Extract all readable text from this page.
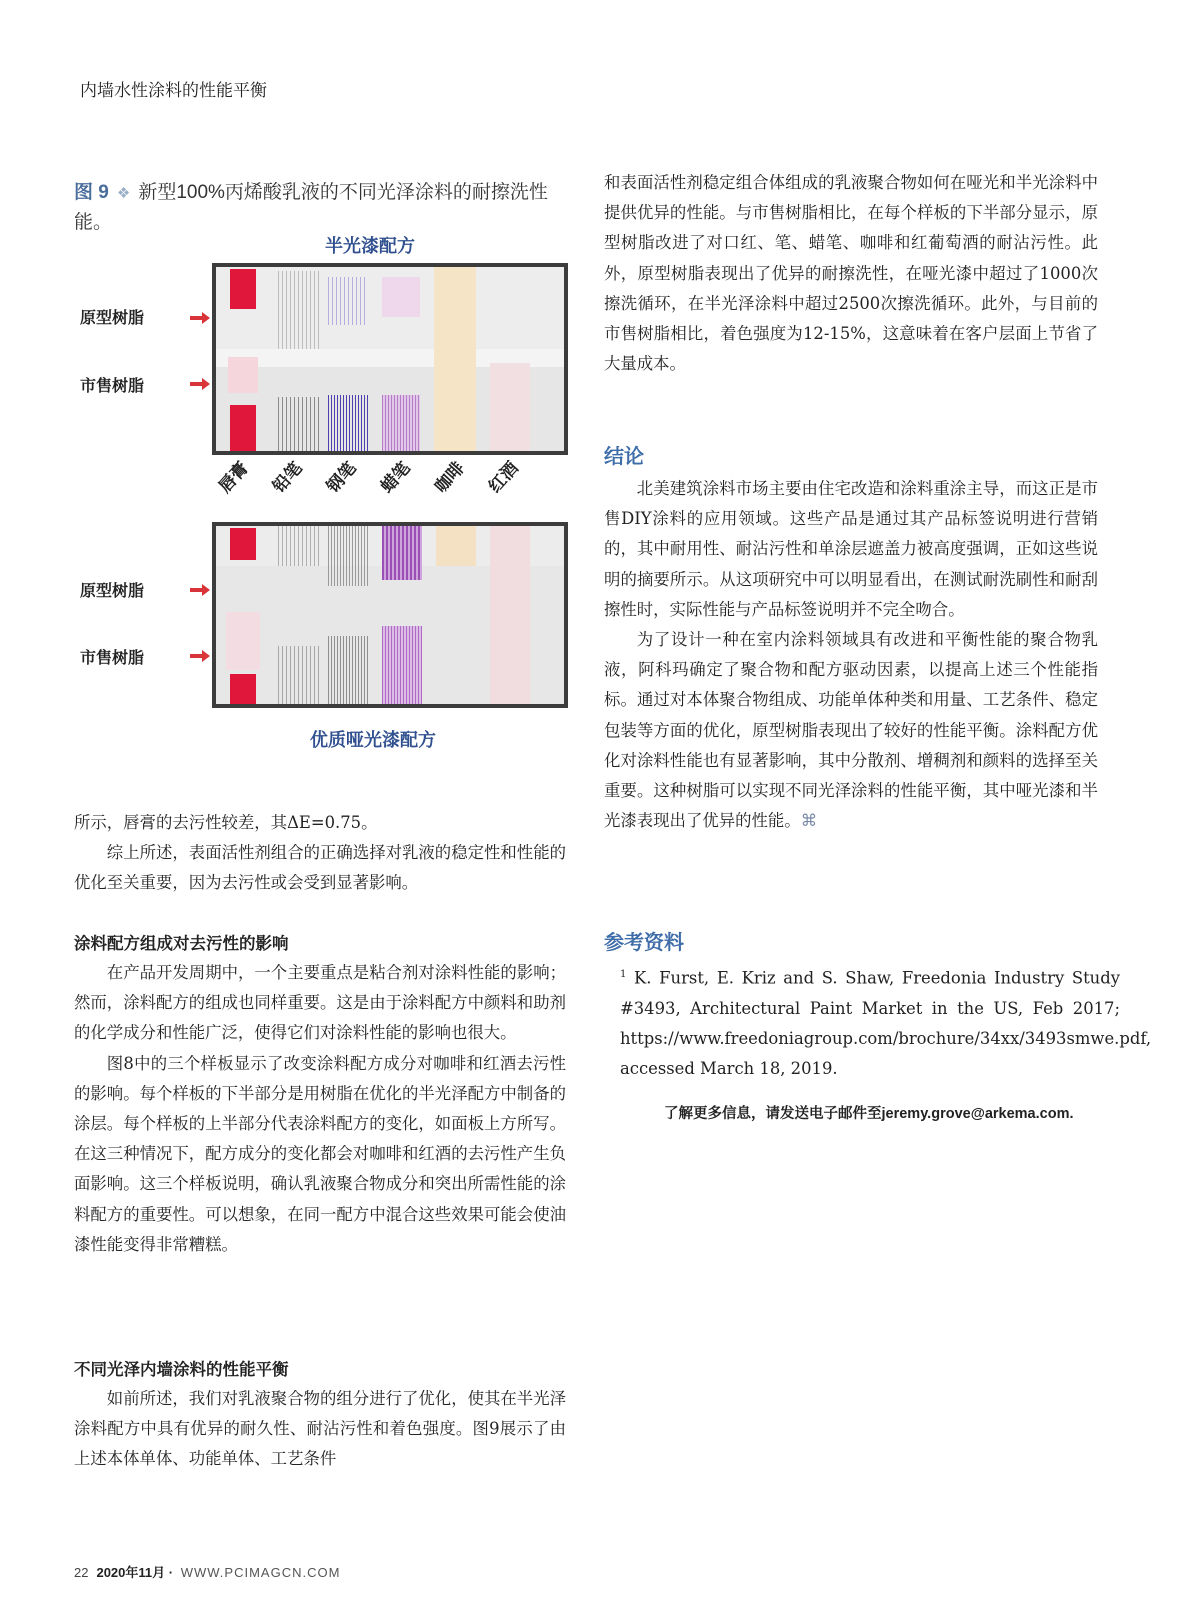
内墙水性涂料的性能平衡
图 9 ❖ 新型100%丙烯酸乳液的不同光泽涂料的耐擦洗性能。
半光漆配方
原型树脂
市售树脂
唇膏 铅笔 钢笔 蜡笔 咖啡 红酒
原型树脂
市售树脂
优质哑光漆配方

所示，唇膏的去污性较差，其ΔE=0.75。

综上所述，表面活性剂组合的正确选择对乳液的稳定性和性能的优化至关重要，因为去污性或会受到显著影响。

涂料配方组成对去污性的影响

在产品开发周期中，一个主要重点是粘合剂对涂料性能的影响；然而，涂料配方的组成也同样重要。这是由于涂料配方中颜料和助剂的化学成分和性能广泛，使得它们对涂料性能的影响也很大。

图8中的三个样板显示了改变涂料配方成分对咖啡和红酒去污性的影响。每个样板的下半部分是用树脂在优化的半光泽配方中制备的涂层。每个样板的上半部分代表涂料配方的变化，如面板上方所写。在这三种情况下，配方成分的变化都会对咖啡和红酒的去污性产生负面影响。这三个样板说明，确认乳液聚合物成分和突出所需性能的涂料配方的重要性。可以想象，在同一配方中混合这些效果可能会使油漆性能变得非常糟糕。

不同光泽内墙涂料的性能平衡

如前所述，我们对乳液聚合物的组分进行了优化，使其在半光泽涂料配方中具有优异的耐久性、耐沾污性和着色强度。图9展示了由上述本体单体、功能单体、工艺条件

和表面活性剂稳定组合体组成的乳液聚合物如何在哑光和半光涂料中提供优异的性能。与市售树脂相比，在每个样板的下半部分显示，原型树脂改进了对口红、笔、蜡笔、咖啡和红葡萄酒的耐沾污性。此外，原型树脂表现出了优异的耐擦洗性，在哑光漆中超过了1000次擦洗循环，在半光泽涂料中超过2500次擦洗循环。此外，与目前的市售树脂相比，着色强度为12-15%，这意味着在客户层面上节省了大量成本。

结论

北美建筑涂料市场主要由住宅改造和涂料重涂主导，而这正是市售DIY涂料的应用领域。这些产品是通过其产品标签说明进行营销的，其中耐用性、耐沾污性和单涂层遮盖力被高度强调，正如这些说明的摘要所示。从这项研究中可以明显看出，在测试耐洗刷性和耐刮擦性时，实际性能与产品标签说明并不完全吻合。

为了设计一种在室内涂料领域具有改进和平衡性能的聚合物乳液，阿科玛确定了聚合物和配方驱动因素，以提高上述三个性能指标。通过对本体聚合物组成、功能单体种类和用量、工艺条件、稳定包装等方面的优化，原型树脂表现出了较好的性能平衡。涂料配方优化对涂料性能也有显著影响，其中分散剂、增稠剂和颜料的选择至关重要。这种树脂可以实现不同光泽涂料的性能平衡，其中哑光漆和半光漆表现出了优异的性能。⌘

参考资料
$^1$ K. Furst, E. Kriz and S. Shaw, Freedonia Industry Study #3493, Architectural Paint Market in the US, Feb 2017; https://www.freedoniagroup.com/brochure/34xx/3493smwe.pdf, accessed March 18, 2019.
了解更多信息，请发送电子邮件至jeremy.grove@arkema.com.
22 2020年11月 · WWW.PCIMAGCN.COM
